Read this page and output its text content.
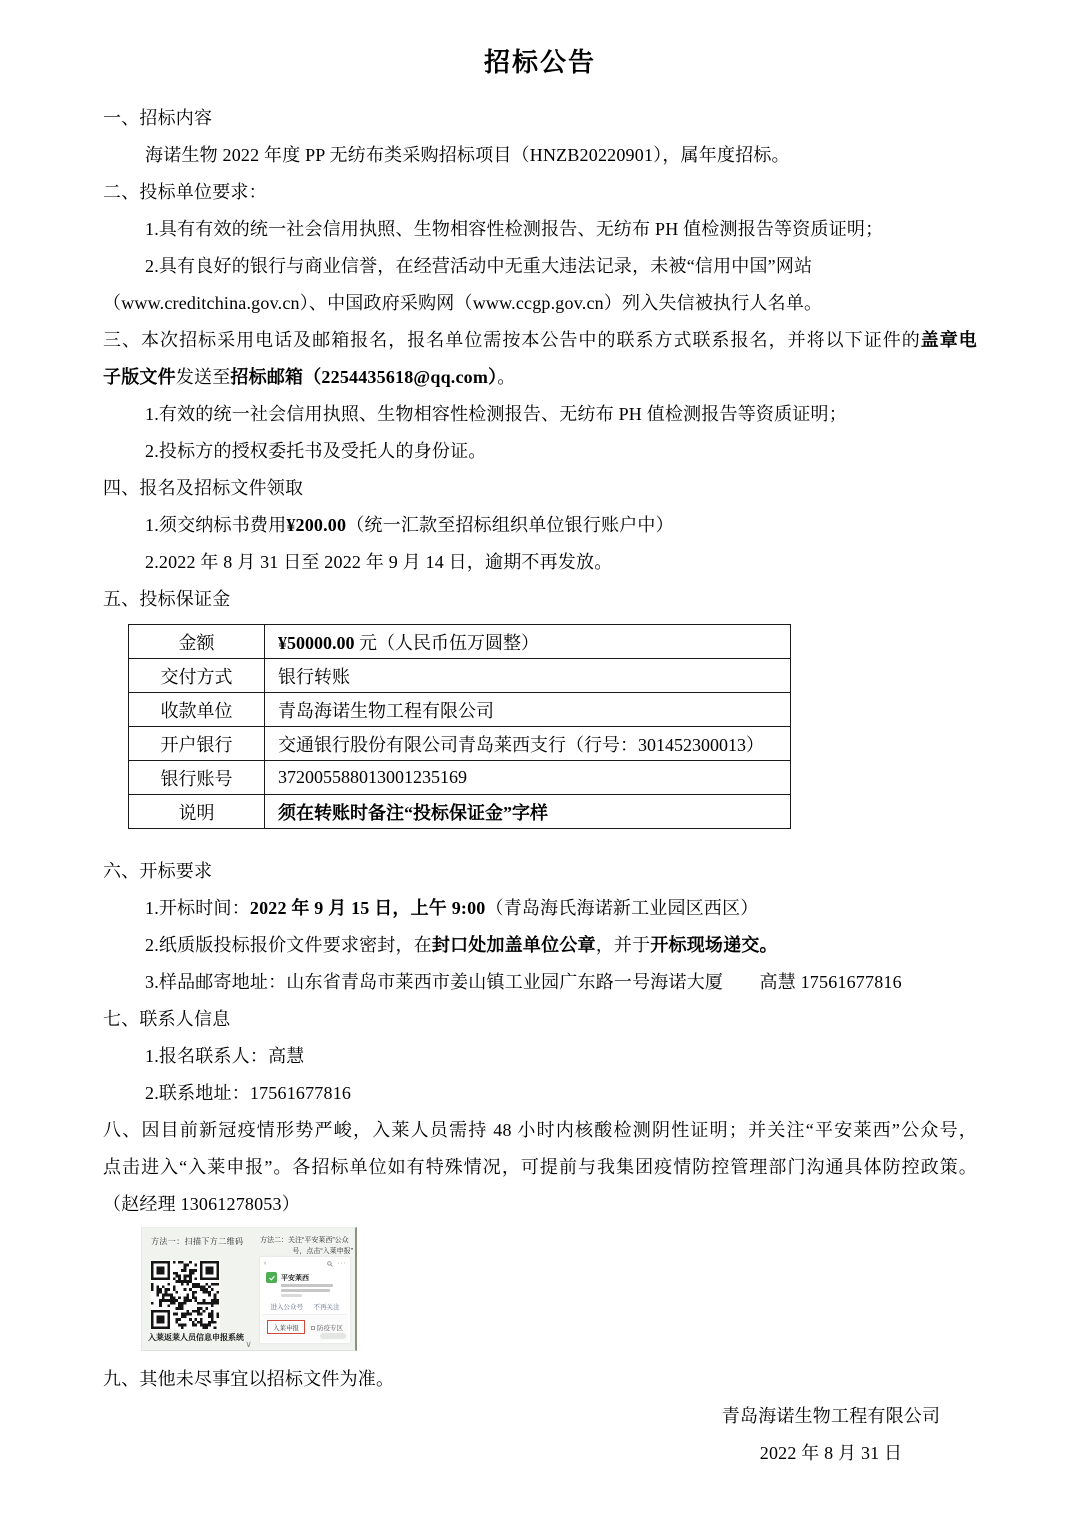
招标公告
一、招标内容
海诺生物 2022 年度 PP 无纺布类采购招标项目（HNZB20220901），属年度招标。
二、投标单位要求：
1.具有有效的统一社会信用执照、生物相容性检测报告、无纺布 PH 值检测报告等资质证明；
2.具有良好的银行与商业信誉，在经营活动中无重大违法记录，未被“信用中国”网站
（www.creditchina.gov.cn）、中国政府采购网（www.ccgp.gov.cn）列入失信被执行人名单。
三、本次招标采用电话及邮箱报名，报名单位需按本公告中的联系方式联系报名，并将以下证件的盖章电
子版文件发送至招标邮箱（2254435618@qq.com）。
1.有效的统一社会信用执照、生物相容性检测报告、无纺布 PH 值检测报告等资质证明；
2.投标方的授权委托书及受托人的身份证。
四、报名及招标文件领取
1.须交纳标书费用¥200.00（统一汇款至招标组织单位银行账户中）
2.2022 年 8 月 31 日至 2022 年 9 月 14 日，逾期不再发放。
五、投标保证金
金额	¥50000.00 元（人民币伍万圆整）
交付方式	银行转账
收款单位	青岛海诺生物工程有限公司
开户银行	交通银行股份有限公司青岛莱西支行（行号：301452300013）
银行账号	372005588013001235169
说明	须在转账时备注“投标保证金”字样
六、开标要求
1.开标时间：2022 年 9 月 15 日，上午 9:00（青岛海氏海诺新工业园区西区）
2.纸质版投标报价文件要求密封，在封口处加盖单位公章，并于开标现场递交。
3.样品邮寄地址：山东省青岛市莱西市姜山镇工业园广东路一号海诺大厦　　高慧 17561677816
七、联系人信息
1.报名联系人：高慧
2.联系地址：17561677816
八、因目前新冠疫情形势严峻，入莱人员需持 48 小时内核酸检测阴性证明；并关注“平安莱西”公众号，
点击进入“入莱申报”。各招标单位如有特殊情况，可提前与我集团疫情防控管理部门沟通具体防控政策。
（赵经理 13061278053）
方法一：扫描下方二维码 方法二：关注“平安莱西”公众
号，点击“入莱申报”
入莱返莱人员信息申报系统
‹	···
平安莱西
进入公众号 不再关注
入莱申报	防疫专区
∨
九、其他未尽事宜以招标文件为准。
青岛海诺生物工程有限公司
2022 年 8 月 31 日
